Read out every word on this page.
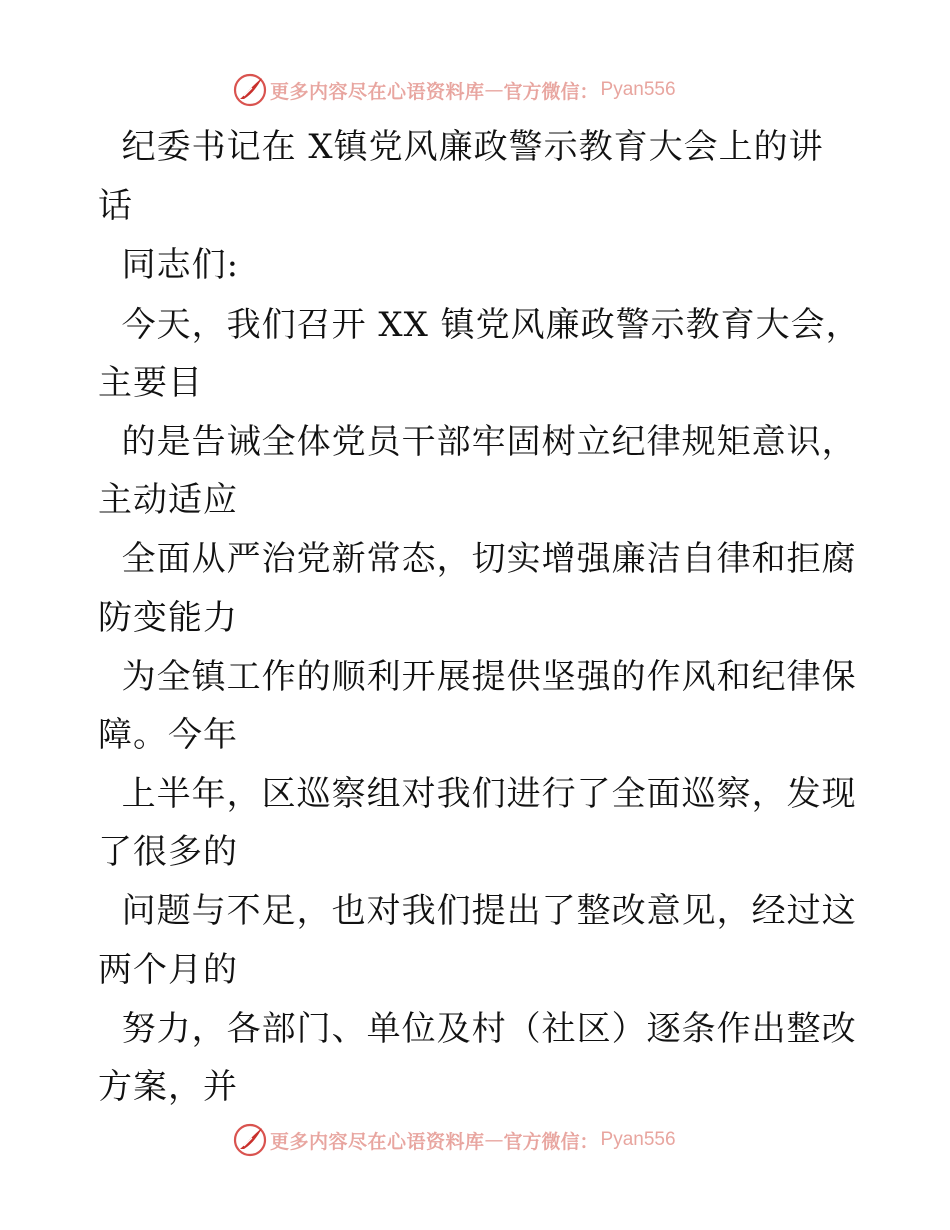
更多内容尽在心语资料库 — 官方微信： Pyan556

纪委书记在 X镇党风廉政警示教育大会上的讲

话

同志们:

今天，我们召开 XX 镇党风廉政警示教育大会，

主要目

的是告诫全体党员干部牢固树立纪律规矩意识，

主动适应

全面从严治党新常态，切实增强廉洁自律和拒腐

防变能力

为全镇工作的顺利开展提供坚强的作风和纪律保

障。今年

上半年，区巡察组对我们进行了全面巡察，发现

了很多的

问题与不足，也对我们提出了整改意见，经过这

两个月的

努力，各部门、单位及村（社区）逐条作出整改

方案，并

更多内容尽在心语资料库 — 官方微信： Pyan556
